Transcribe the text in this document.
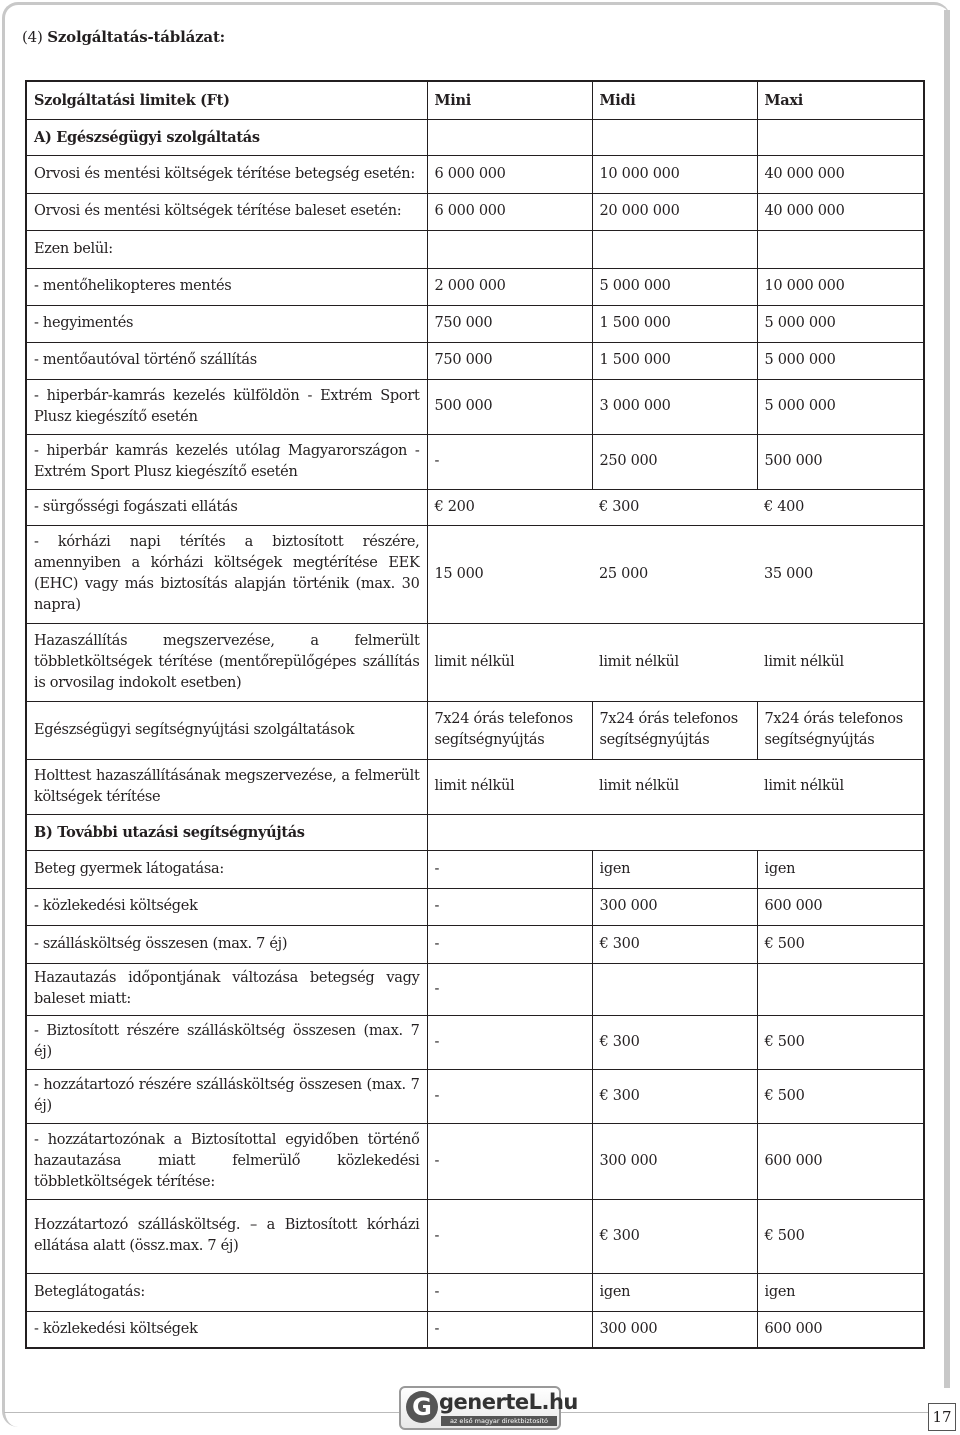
(4) Szolgáltatás-táblázat:
Szolgáltatási limitek (Ft)	Mini	Midi	Maxi
A) Egészségügyi szolgáltatás			
Orvosi és mentési költségek térítése betegség esetén:	6 000 000	10 000 000	40 000 000
Orvosi és mentési költségek térítése baleset esetén:	6 000 000	20 000 000	40 000 000
Ezen belül:			
- mentőhelikopteres mentés	2 000 000	5 000 000	10 000 000
- hegyimentés	750 000	1 500 000	5 000 000
- mentőautóval történő szállítás	750 000	1 500 000	5 000 000
- hiperbár-kamrás kezelés külföldön - Extrém Sport Plusz kiegészítő esetén	500 000	3 000 000	5 000 000
- hiperbár kamrás kezelés utólag Magyarországon - Extrém Sport Plusz kiegészítő esetén	-	250 000	500 000
- sürgősségi fogászati ellátás	€ 200	€ 300	€ 400
- kórházi napi térítés a biztosított részére, amennyiben a kórházi költségek megtérítése EEK (EHC) vagy más biztosítás alapján történik (max. 30 napra)	15 000	25 000	35 000
Hazaszállítás megszervezése, a felmerült többletköltségek térítése (mentőrepülőgépes szállítás is orvosilag indokolt esetben)	limit nélkül	limit nélkül	limit nélkül
Egészségügyi segítségnyújtási szolgáltatások	7x24 órás telefonos segítségnyújtás	7x24 órás telefonos segítségnyújtás	7x24 órás telefonos segítségnyújtás
Holttest hazaszállításának megszervezése, a felmerült költségek térítése	limit nélkül	limit nélkül	limit nélkül
B) További utazási segítségnyújtás			
Beteg gyermek látogatása:	-	igen	igen
- közlekedési költségek	-	300 000	600 000
- szállásköltség összesen (max. 7 éj)	-	€ 300	€ 500
Hazautazás időpontjának változása betegség vagy baleset miatt:	-		
- Biztosított részére szállásköltség összesen (max. 7 éj)	-	€ 300	€ 500
- hozzátartozó részére szállásköltség összesen (max. 7 éj)	-	€ 300	€ 500
- hozzátartozónak a Biztosítottal egyidőben történő hazautazása miatt felmerülő közlekedési többletköltségek térítése:	-	300 000	600 000
Hozzátartozó szállásköltség. – a Biztosított kórházi ellátása alatt (össz.max. 7 éj)	-	€ 300	€ 500
Beteglátogatás:	-	igen	igen
- közlekedési költségek	-	300 000	600 000
G generteL.hu
az első magyar direktbiztosító	17
